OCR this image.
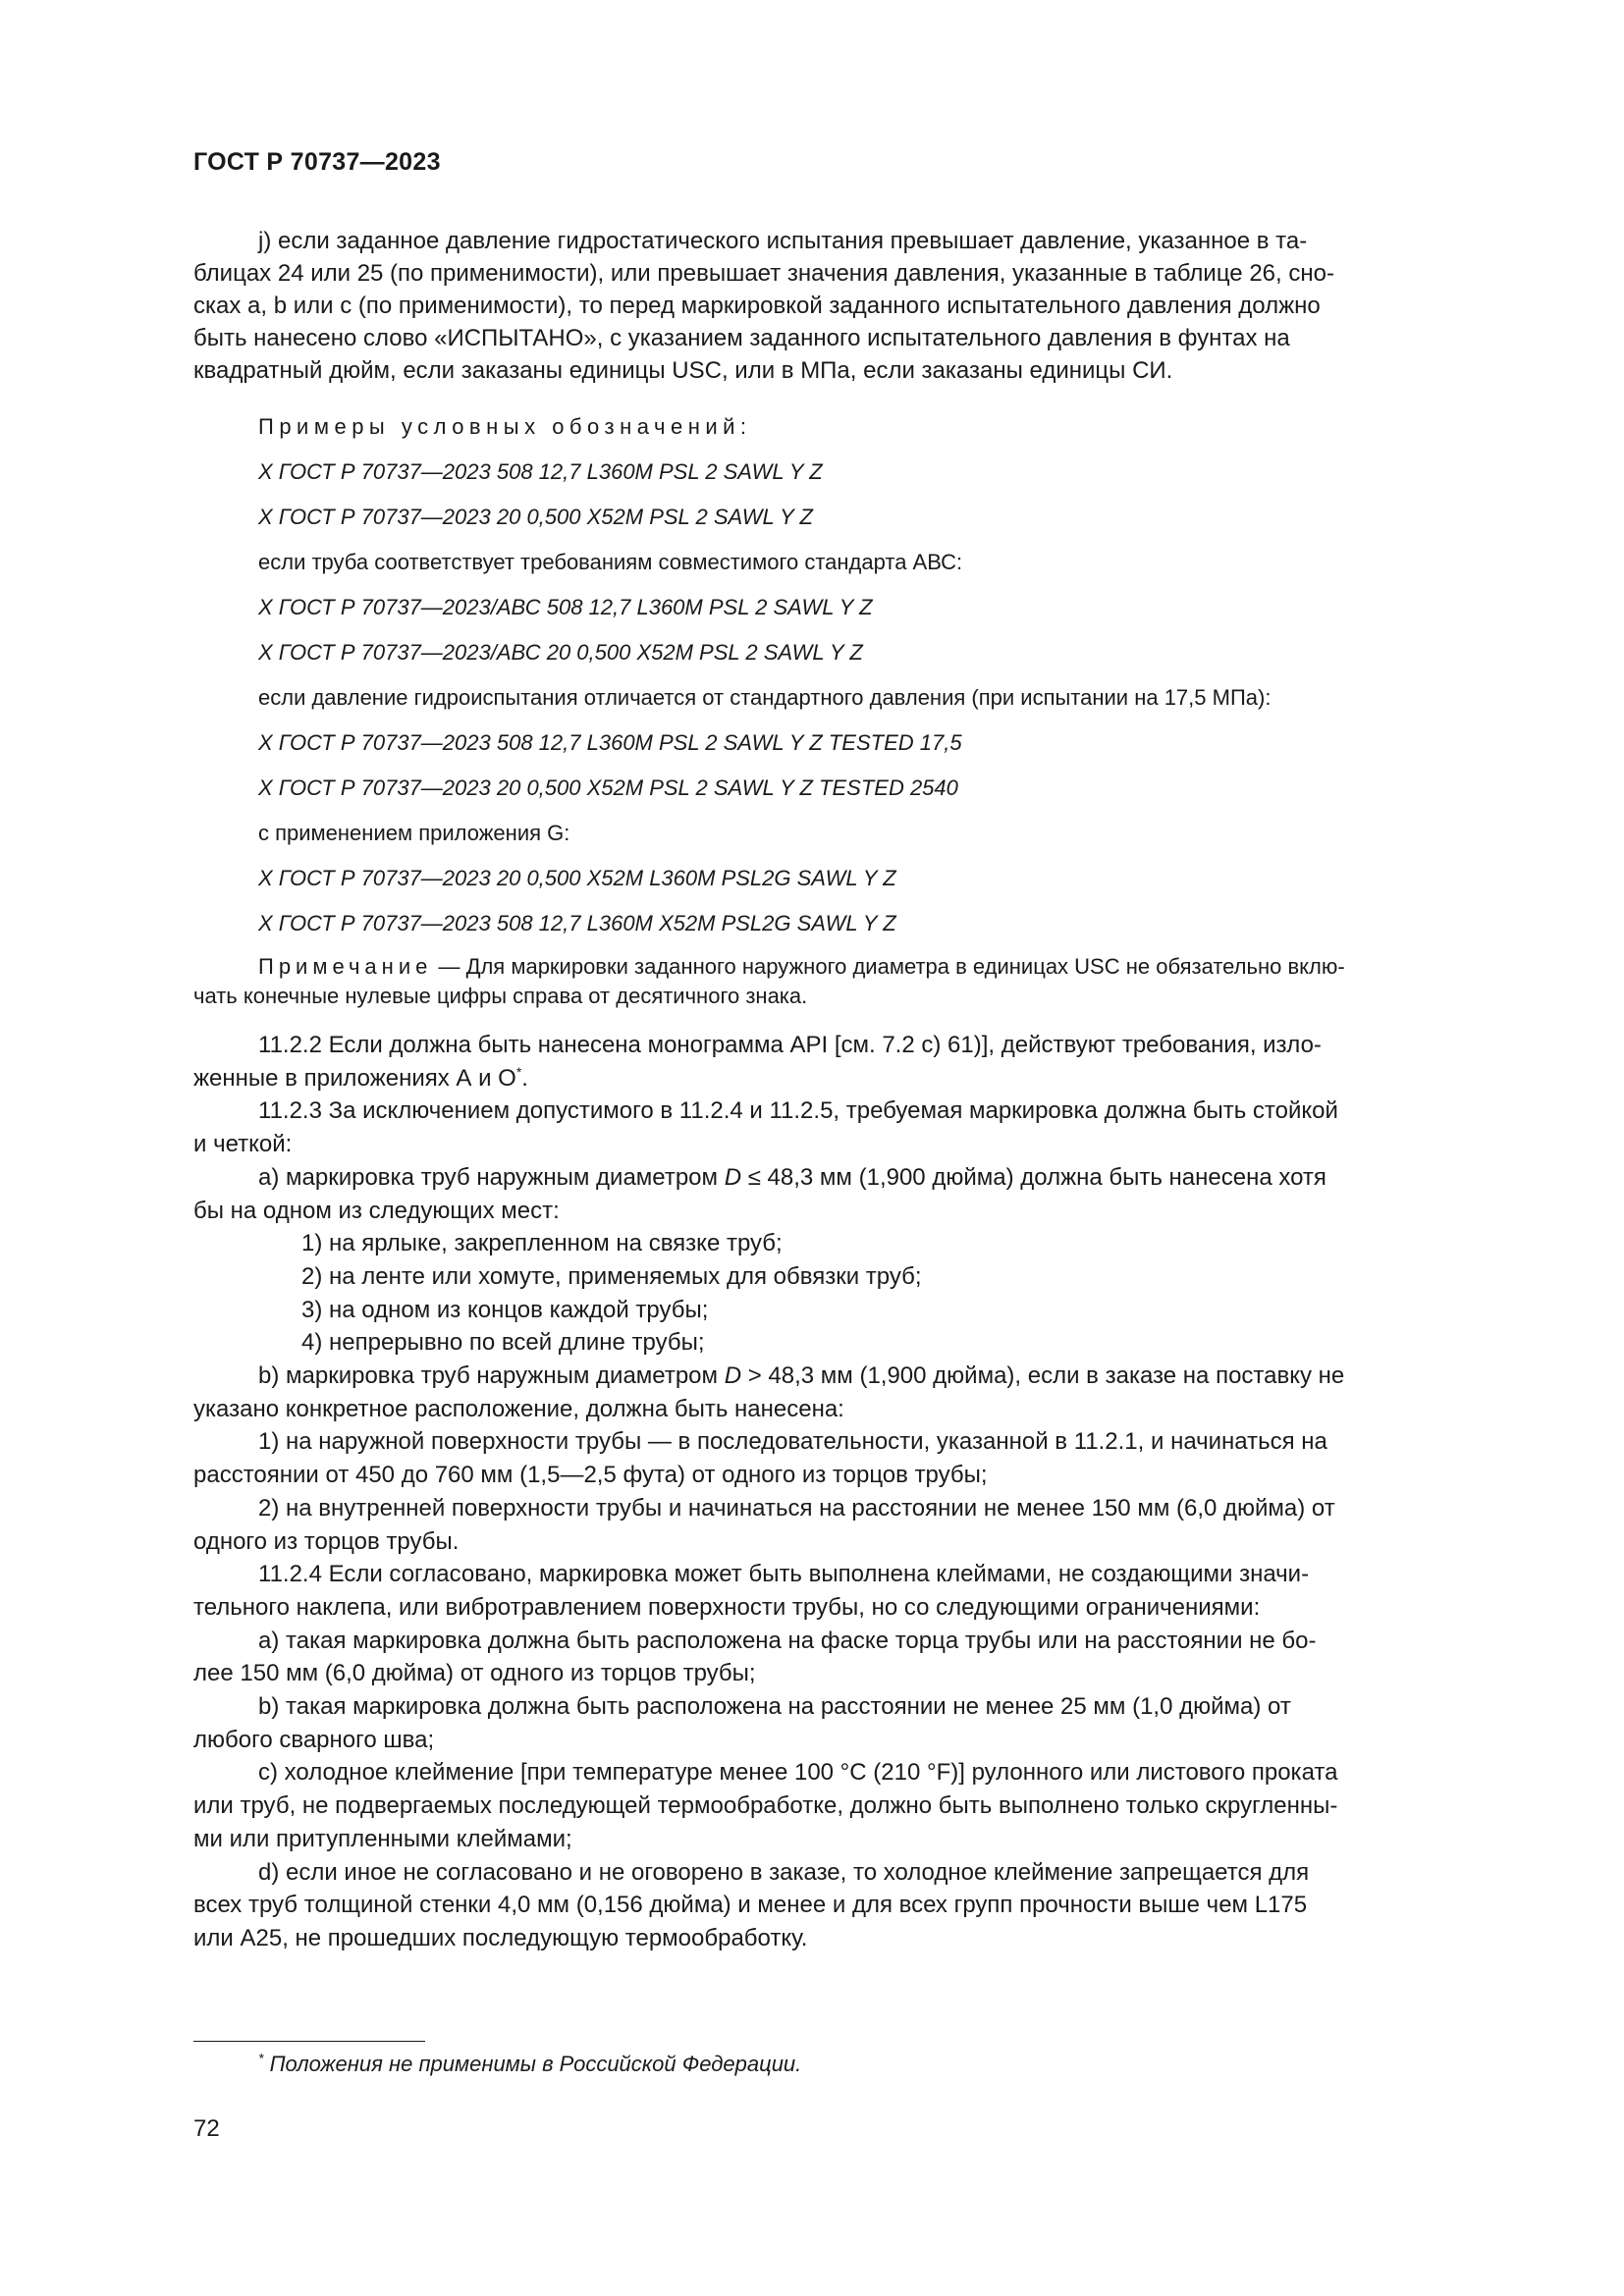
ГОСТ Р 70737—2023
j) если заданное давление гидростатического испытания превышает давление, указанное в та-
блицах 24 или 25 (по применимости), или превышает значения давления, указанные в таблице 26, сно-
сках а, b или с (по применимости), то перед маркировкой заданного испытательного давления должно
быть нанесено слово «ИСПЫТАНО», с указанием заданного испытательного давления в фунтах на
квадратный дюйм, если заказаны единицы USC, или в МПа, если заказаны единицы СИ.
Примеры условных обозначений:
Х ГОСТ Р 70737—2023 508 12,7 L360M PSL 2 SAWL Y Z
Х ГОСТ Р 70737—2023 20 0,500 X52M PSL 2 SAWL Y Z
если труба соответствует требованиям совместимого стандарта АВС:
Х ГОСТ Р 70737—2023/АВС 508 12,7 L360M PSL 2 SAWL Y Z
Х ГОСТ Р 70737—2023/АВС 20 0,500 X52M PSL 2 SAWL Y Z
если давление гидроиспытания отличается от стандартного давления (при испытании на 17,5 МПа):
Х ГОСТ Р 70737—2023 508 12,7 L360M PSL 2 SAWL Y Z TESTED 17,5
Х ГОСТ Р 70737—2023 20 0,500 X52M PSL 2 SAWL Y Z TESTED 2540
с применением приложения G:
Х ГОСТ Р 70737—2023 20 0,500 X52M L360M PSL2G SAWL Y Z
Х ГОСТ Р 70737—2023 508 12,7 L360M X52M PSL2G SAWL Y Z
Примечание — Для маркировки заданного наружного диаметра в единицах USC не обязательно вклю-
чать конечные нулевые цифры справа от десятичного знака.
11.2.2 Если должна быть нанесена монограмма API [см. 7.2 с) 61)], действуют требования, изло-
женные в приложениях А и О*.
11.2.3 За исключением допустимого в 11.2.4 и 11.2.5, требуемая маркировка должна быть стойкой
и четкой:
a) маркировка труб наружным диаметром D ≤ 48,3 мм (1,900 дюйма) должна быть нанесена хотя
бы на одном из следующих мест:
1) на ярлыке, закрепленном на связке труб;
2) на ленте или хомуте, применяемых для обвязки труб;
3) на одном из концов каждой трубы;
4) непрерывно по всей длине трубы;
b) маркировка труб наружным диаметром D > 48,3 мм (1,900 дюйма), если в заказе на поставку не
указано конкретное расположение, должна быть нанесена:
1) на наружной поверхности трубы — в последовательности, указанной в 11.2.1, и начинаться на
расстоянии от 450 до 760 мм (1,5—2,5 фута) от одного из торцов трубы;
2) на внутренней поверхности трубы и начинаться на расстоянии не менее 150 мм (6,0 дюйма) от
одного из торцов трубы.
11.2.4 Если согласовано, маркировка может быть выполнена клеймами, не создающими значи-
тельного наклепа, или вибротравлением поверхности трубы, но со следующими ограничениями:
a) такая маркировка должна быть расположена на фаске торца трубы или на расстоянии не бо-
лее 150 мм (6,0 дюйма) от одного из торцов трубы;
b) такая маркировка должна быть расположена на расстоянии не менее 25 мм (1,0 дюйма) от
любого сварного шва;
c) холодное клеймение [при температуре менее 100 °C (210 °F)] рулонного или листового проката
или труб, не подвергаемых последующей термообработке, должно быть выполнено только скругленны-
ми или притупленными клеймами;
d) если иное не согласовано и не оговорено в заказе, то холодное клеймение запрещается для
всех труб толщиной стенки 4,0 мм (0,156 дюйма) и менее и для всех групп прочности выше чем L175
или А25, не прошедших последующую термообработку.
* Положения не применимы в Российской Федерации.
72
